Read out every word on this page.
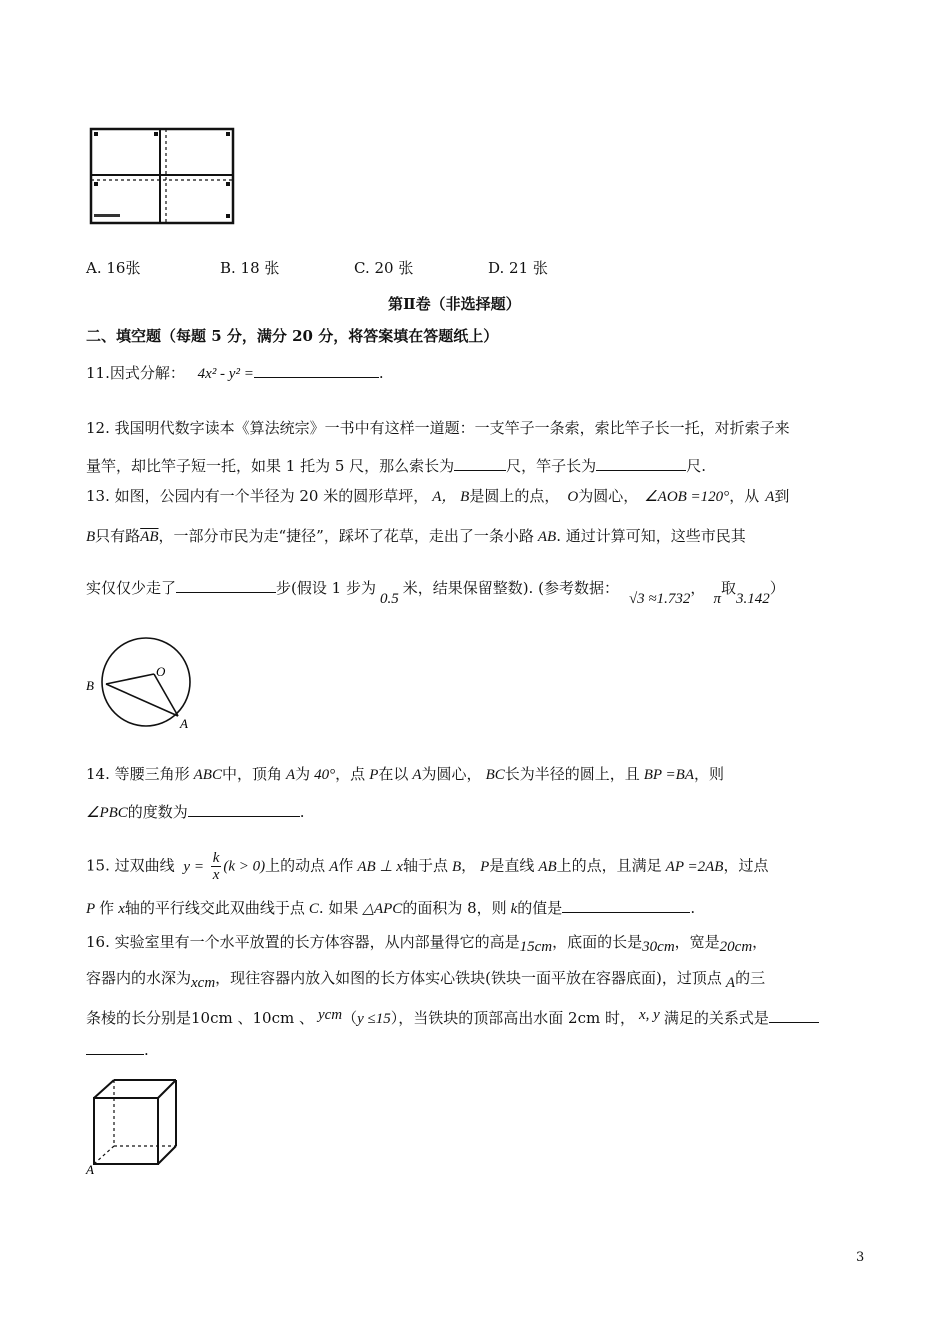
A. 16张	B. 18 张	C. 20 张	D. 21 张
第Ⅱ卷（非选择题）
二、填空题（每题 5 分，满分 20 分，将答案填在答题纸上）
11.因式分解： 4x² - y² =	.
12. 我国明代数字读本《算法统宗》一书中有这样一道题：一支竿子一条索，索比竿子长一托，对折索子来
量竿，却比竿子短一托，如果 1 托为 5 尺，那么索长为	尺，竿子长为	尺.
13. 如图，公园内有一个半径为 20 米的圆形草坪， A， B是圆上的点， O为圆心， ∠AOB =120°，从 A到
B只有路$\overline{AB}$，一部分市民为走“捷径”，踩坏了花草，走出了一条小路 AB. 通过计算可知，这些市民其
实仅仅少走了	步(假设 1 步为0.5米，结果保留整数). (参考数据：√3 ≈1.732，π取3.142）
B
O
A
14. 等腰三角形 ABC中，顶角 A为 40°，点 P在以 A为圆心， BC长为半径的圆上，且 BP =BA，则
∠PBC的度数为	.
15. 过双曲线 $y = \frac{k}{x} (k > 0)$上的动点 A作 AB ⊥ x轴于点 B， P是直线 AB上的点，且满足 AP =2AB，过点
P 作 x轴的平行线交此双曲线于点 C. 如果 △APC的面积为 8，则 k的值是	.
16. 实验室里有一个水平放置的长方体容器，从内部量得它的高是15cm，底面的长是30cm，宽是20cm，
容器内的水深为xcm，现往容器内放入如图的长方体实心铁块(铁块一面平放在容器底面)，过顶点 A的三
条棱的长分别是10cm 、10cm 、 ycm（y ≤15），当铁块的顶部高出水面 2cm 时， x, y 满足的关系式是
.
A
3
